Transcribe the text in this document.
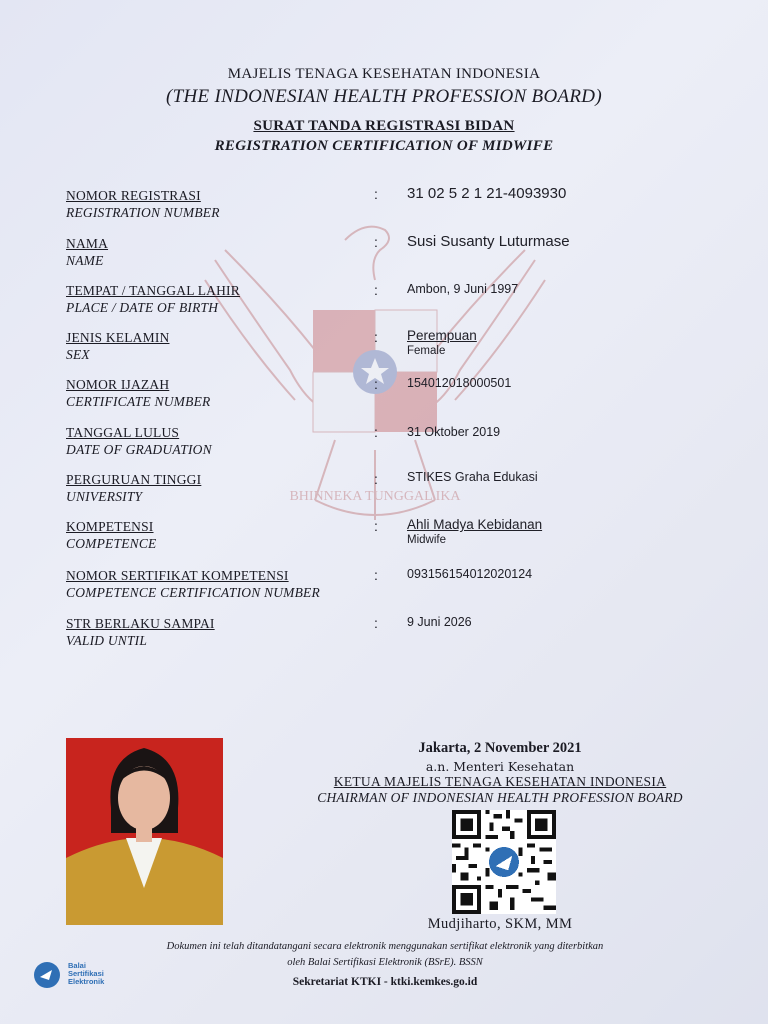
MAJELIS TENAGA KESEHATAN INDONESIA
(THE INDONESIAN HEALTH PROFESSION BOARD)
SURAT TANDA REGISTRASI BIDAN
REGISTRATION CERTIFICATION OF MIDWIFE
BHINNEKA TUNGGAL IKA
NOMOR REGISTRASI
REGISTRATION NUMBER
: 31 02 5 2 1 21-4093930
NAMA
NAME
: Susi Susanty Luturmase
TEMPAT / TANGGAL LAHIR
PLACE / DATE OF BIRTH
: Ambon, 9 Juni 1997
JENIS KELAMIN
SEX
: Perempuan
Female
NOMOR IJAZAH
CERTIFICATE NUMBER
: 154012018000501
TANGGAL LULUS
DATE OF GRADUATION
: 31 Oktober 2019
PERGURUAN TINGGI
UNIVERSITY
: STIKES Graha Edukasi
KOMPETENSI
COMPETENCE
: Ahli Madya Kebidanan
Midwife
NOMOR SERTIFIKAT KOMPETENSI
COMPETENCE CERTIFICATION NUMBER
: 093156154012020124
STR BERLAKU SAMPAI
VALID UNTIL
: 9 Juni 2026
Jakarta, 2 November 2021
a.n. Menteri Kesehatan
KETUA MAJELIS TENAGA KESEHATAN INDONESIA
CHAIRMAN OF INDONESIAN HEALTH PROFESSION BOARD
Mudjiharto, SKM, MM
Balai
Sertifikasi
Elektronik
Dokumen ini telah ditandatangani secara elektronik menggunakan sertifikat elektronik yang diterbitkan
oleh Balai Sertifikasi Elektronik (BSrE). BSSN
Sekretariat KTKI - ktki.kemkes.go.id
